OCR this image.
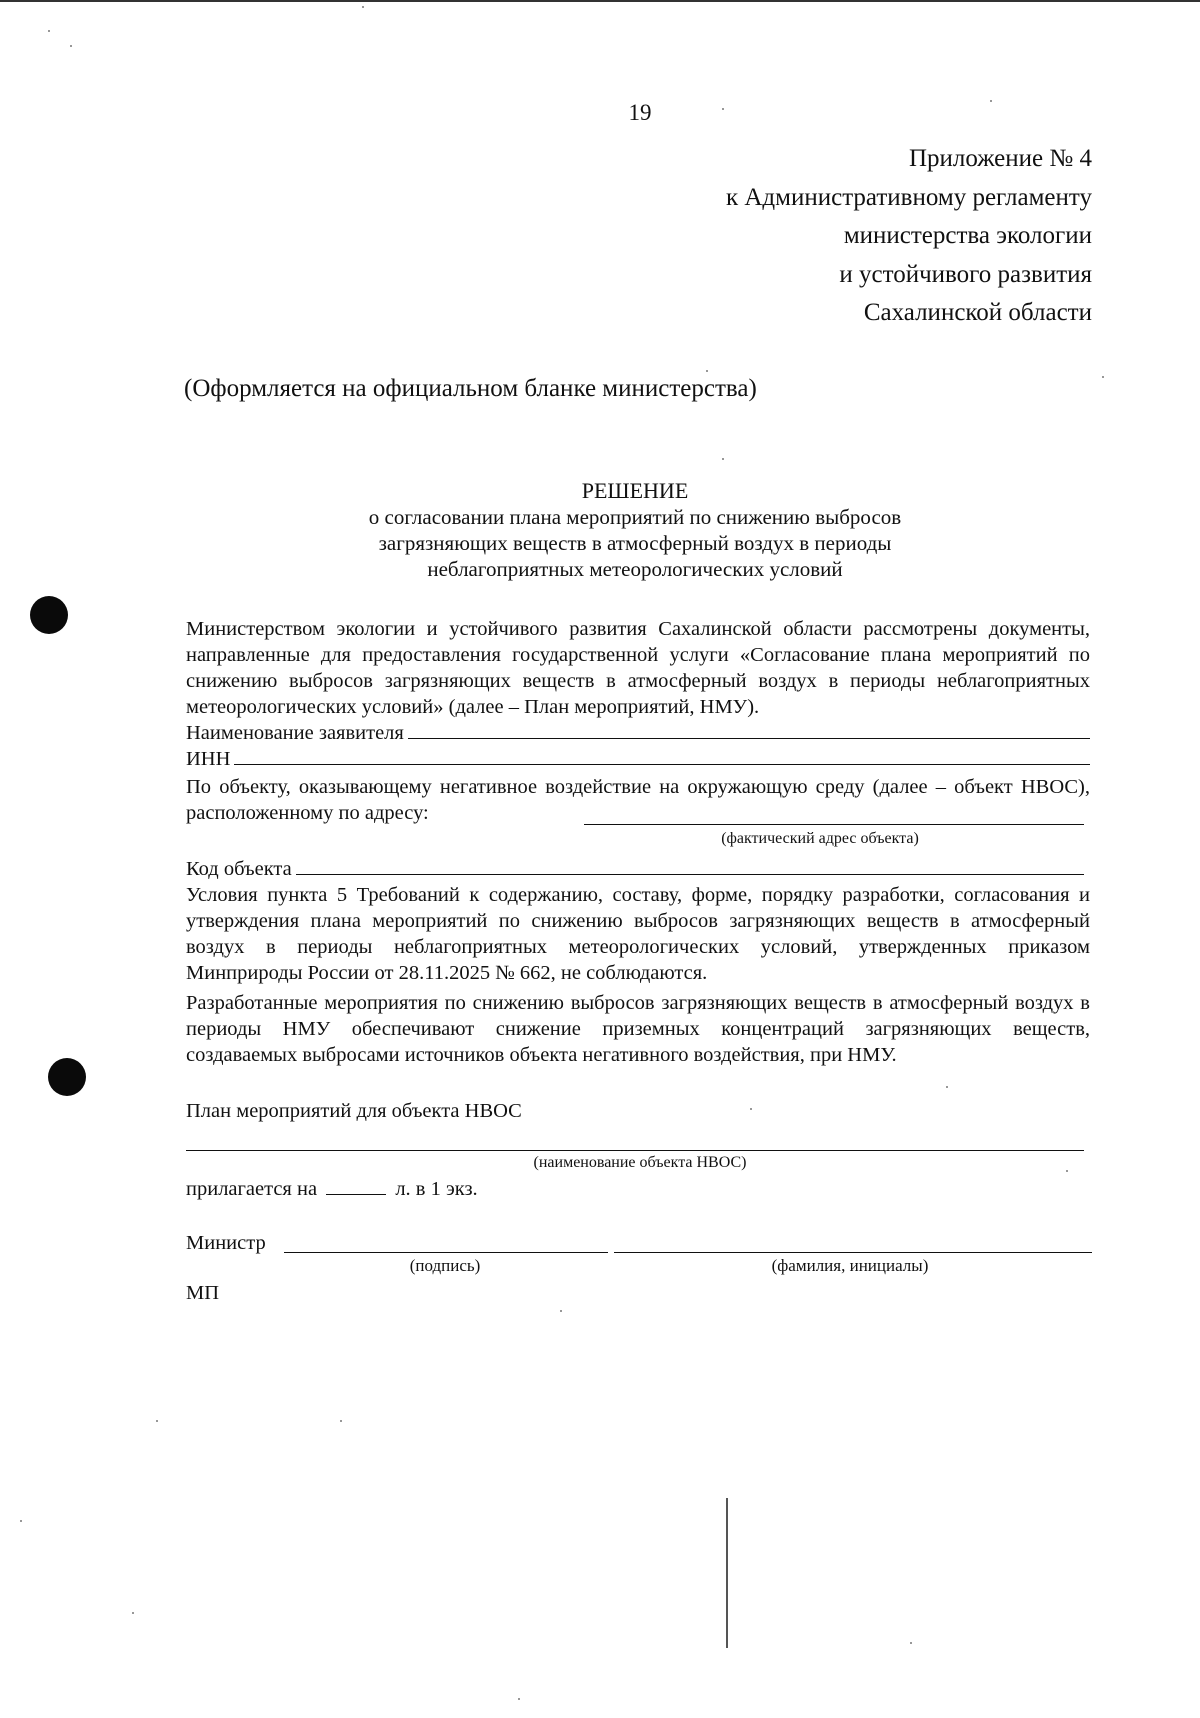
19
Приложение № 4
к Административному регламенту
министерства экологии
и устойчивого развития
Сахалинской области
(Оформляется на официальном бланке министерства)
РЕШЕНИЕ
о согласовании плана мероприятий по снижению выбросов
загрязняющих веществ в атмосферный воздух в периоды
неблагоприятных метеорологических условий
Министерством экологии и устойчивого развития Сахалинской области рассмотрены документы, направленные для предоставления государственной услуги «Согласование плана мероприятий по снижению выбросов загрязняющих веществ в атмосферный воздух в периоды неблагоприятных метеорологических условий» (далее – План мероприятий, НМУ).
Наименование заявителя
ИНН
По объекту, оказывающему негативное воздействие на окружающую среду (далее – объект НВОС), расположенному по адресу:
(фактический адрес объекта)
Код объекта
Условия пункта 5 Требований к содержанию, составу, форме, порядку разработки, согласования и утверждения плана мероприятий по снижению выбросов загрязняющих веществ в атмосферный воздух в периоды неблагоприятных метеорологических условий, утвержденных приказом Минприроды России от 28.11.2025 № 662, не соблюдаются.
Разработанные мероприятия по снижению выбросов загрязняющих веществ в атмосферный воздух в периоды НМУ обеспечивают снижение приземных концентраций загрязняющих веществ, создаваемых выбросами источников объекта негативного воздействия, при НМУ.
План мероприятий для объекта НВОС
(наименование объекта НВОС)
прилагается на	л. в 1 экз.
Министр
(подпись)	(фамилия, инициалы)
МП
